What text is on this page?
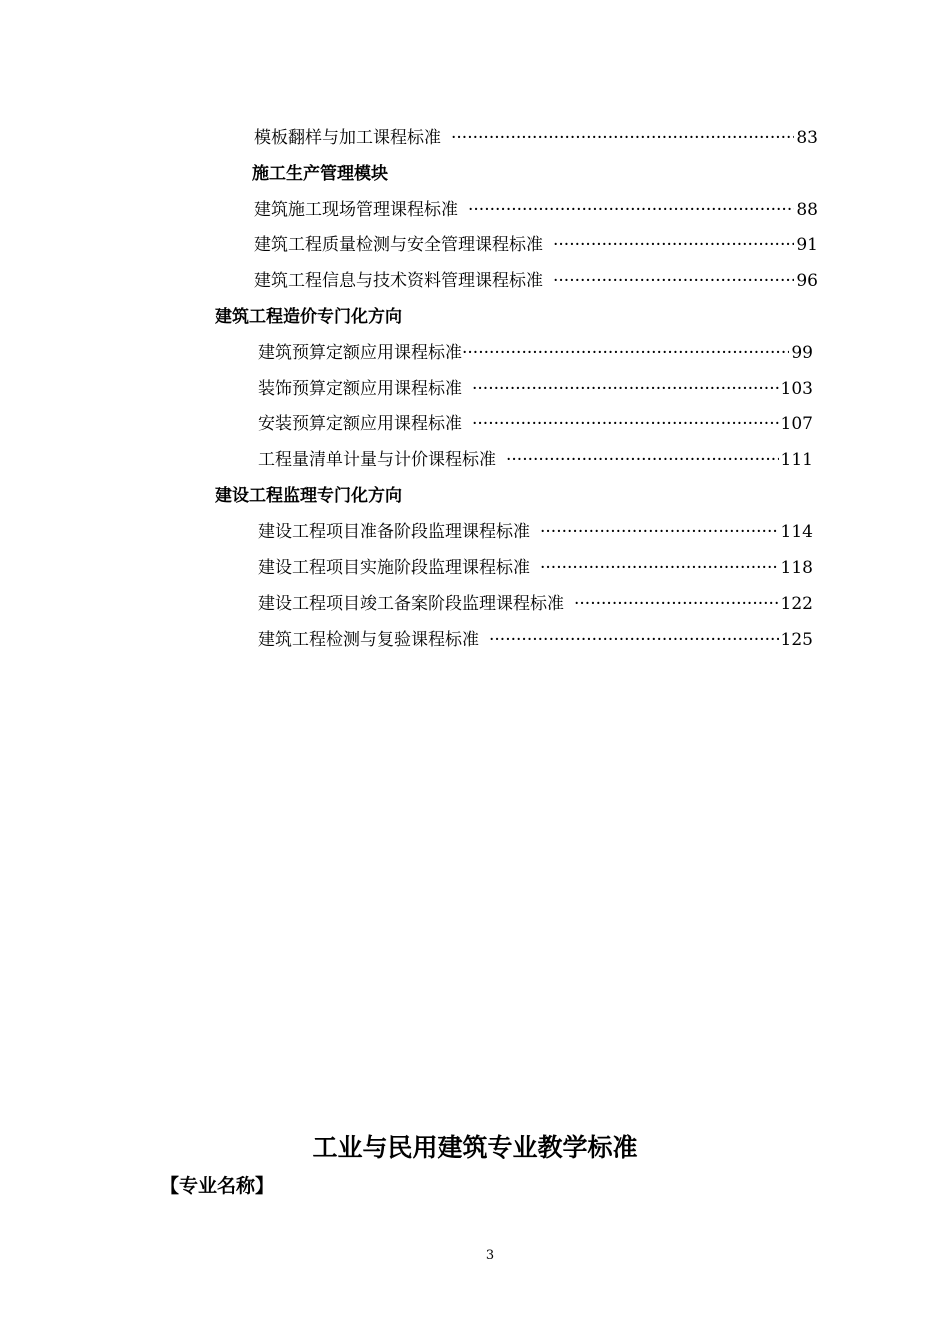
模板翻样与加工课程标准 ·····	83
施工生产管理模块
建筑施工现场管理课程标准 ·····	88
建筑工程质量检测与安全管理课程标准 ·····	91
建筑工程信息与技术资料管理课程标准 ·····	96
建筑工程造价专门化方向
建筑预算定额应用课程标准 ·····	99
装饰预算定额应用课程标准 ·····	103
安装预算定额应用课程标准 ·····	107
工程量清单计量与计价课程标准 ·····	111
建设工程监理专门化方向
建设工程项目准备阶段监理课程标准 ·····	114
建设工程项目实施阶段监理课程标准 ·····	118
建设工程项目竣工备案阶段监理课程标准 ·····	122
建筑工程检测与复验课程标准 ·····	125
工业与民用建筑专业教学标准
【专业名称】
3
